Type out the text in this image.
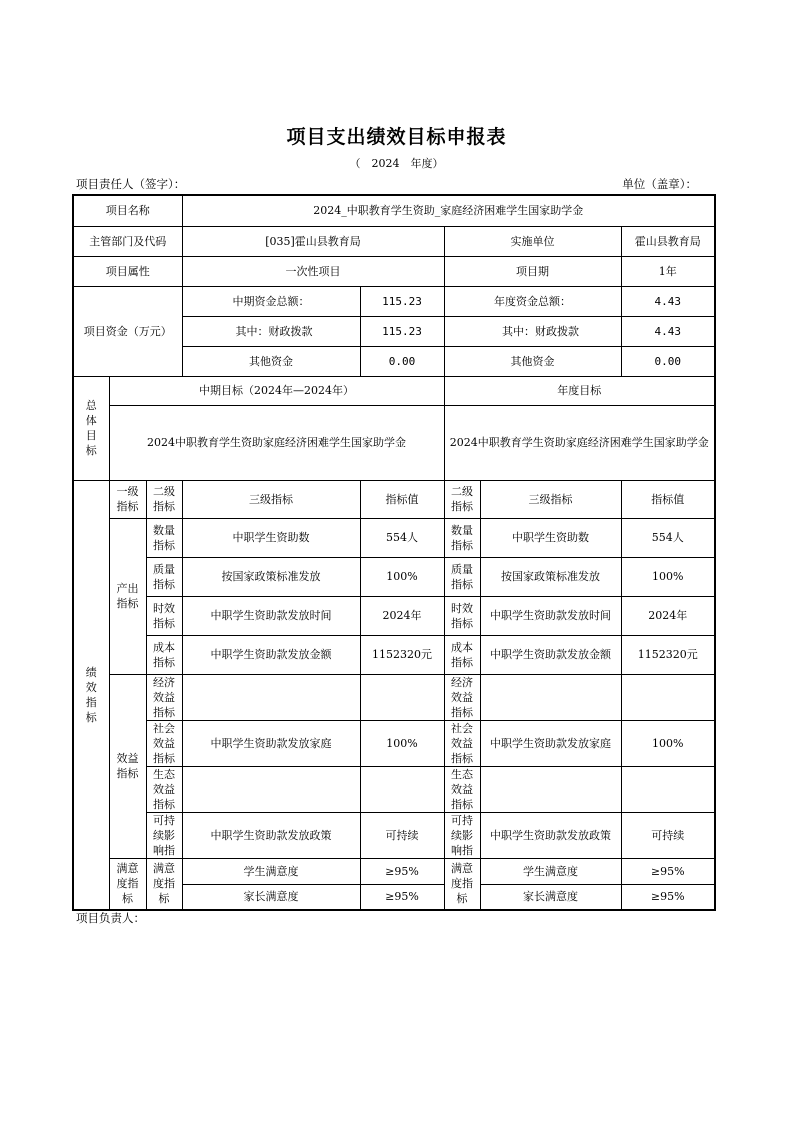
项目支出绩效目标申报表
（　2024　年度）
项目责任人（签字）：	单位（盖章）：
项目名称			2024_中职教育学生资助_家庭经济困难学生国家助学金				
主管部门及代码			[035]霍山县教育局		实施单位		霍山县教育局
项目属性			一次性项目		项目期		1年
项目资金（万元）			中期资金总额：	115.23	年度资金总额：		4.43
			其中：财政拨款	115.23	其中：财政拨款		4.43
			其他资金	0.00	其他资金		0.00
总体目标	中期目标（2024年—2024年）				年度目标		
	2024中职教育学生资助家庭经济困难学生国家助学金				2024中职教育学生资助家庭经济困难学生国家助学金		
绩效指标	一级指标	二级指标	三级指标	指标值	二级指标	三级指标	指标值
	产出指标	数量指标	中职学生资助数	554人	数量指标	中职学生资助数	554人
		质量指标	按国家政策标准发放	100%	质量指标	按国家政策标准发放	100%
		时效指标	中职学生资助款发放时间	2024年	时效指标	中职学生资助款发放时间	2024年
		成本指标	中职学生资助款发放金额	1152320元	成本指标	中职学生资助款发放金额	1152320元
	效益指标	经济效益指标			经济效益指标		
		社会效益指标	中职学生资助款发放家庭	100%	社会效益指标	中职学生资助款发放家庭	100%
		生态效益指标			生态效益指标		
		可持续影响指	中职学生资助款发放政策	可持续	可持续影响指	中职学生资助款发放政策	可持续
	满意度指标	满意度指标	学生满意度	≥95%	满意度指标	学生满意度	≥95%
			家长满意度	≥95%		家长满意度	≥95%
项目负责人：
